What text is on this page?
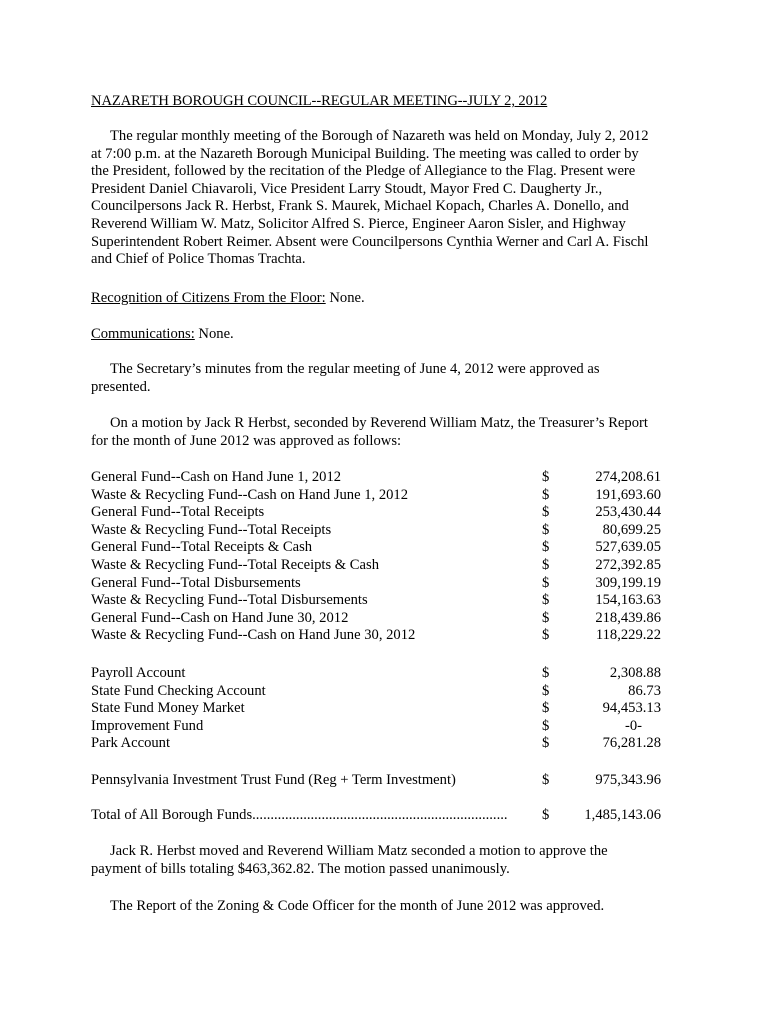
NAZARETH BOROUGH COUNCIL--REGULAR MEETING--JULY 2, 2012
The regular monthly meeting of the Borough of Nazareth was held on Monday, July 2, 2012
at 7:00 p.m. at the Nazareth Borough Municipal Building. The meeting was called to order by
the President, followed by the recitation of the Pledge of Allegiance to the Flag. Present were
President Daniel Chiavaroli, Vice President Larry Stoudt, Mayor Fred C. Daugherty Jr.,
Councilpersons Jack R. Herbst, Frank S. Maurek, Michael Kopach, Charles A. Donello, and
Reverend William W. Matz, Solicitor Alfred S. Pierce, Engineer Aaron Sisler, and Highway
Superintendent Robert Reimer. Absent were Councilpersons Cynthia Werner and Carl A. Fischl
and Chief of Police Thomas Trachta.
Recognition of Citizens From the Floor: None.
Communications: None.
The Secretary’s minutes from the regular meeting of June 4, 2012 were approved as
presented.
On a motion by Jack R Herbst, seconded by Reverend William Matz, the Treasurer’s Report
for the month of June 2012 was approved as follows:
General Fund--Cash on Hand June 1, 2012	$	274,208.61
Waste & Recycling Fund--Cash on Hand June 1, 2012	$	191,693.60
General Fund--Total Receipts	$	253,430.44
Waste & Recycling Fund--Total Receipts	$	80,699.25
General Fund--Total Receipts & Cash	$	527,639.05
Waste & Recycling Fund--Total Receipts & Cash	$	272,392.85
General Fund--Total Disbursements	$	309,199.19
Waste & Recycling Fund--Total Disbursements	$	154,163.63
General Fund--Cash on Hand June 30, 2012	$	218,439.86
Waste & Recycling Fund--Cash on Hand June 30, 2012	$	118,229.22
Payroll Account	$	2,308.88
State Fund Checking Account	$	86.73
State Fund Money Market	$	94,453.13
Improvement Fund	$	-0-
Park Account	$	76,281.28
Pennsylvania Investment Trust Fund (Reg + Term Investment)	$	975,343.96
Total of All Borough Funds...................................................................... $ 1,485,143.06
Jack R. Herbst moved and Reverend William Matz seconded a motion to approve the
payment of bills totaling $463,362.82. The motion passed unanimously.
The Report of the Zoning & Code Officer for the month of June 2012 was approved.
